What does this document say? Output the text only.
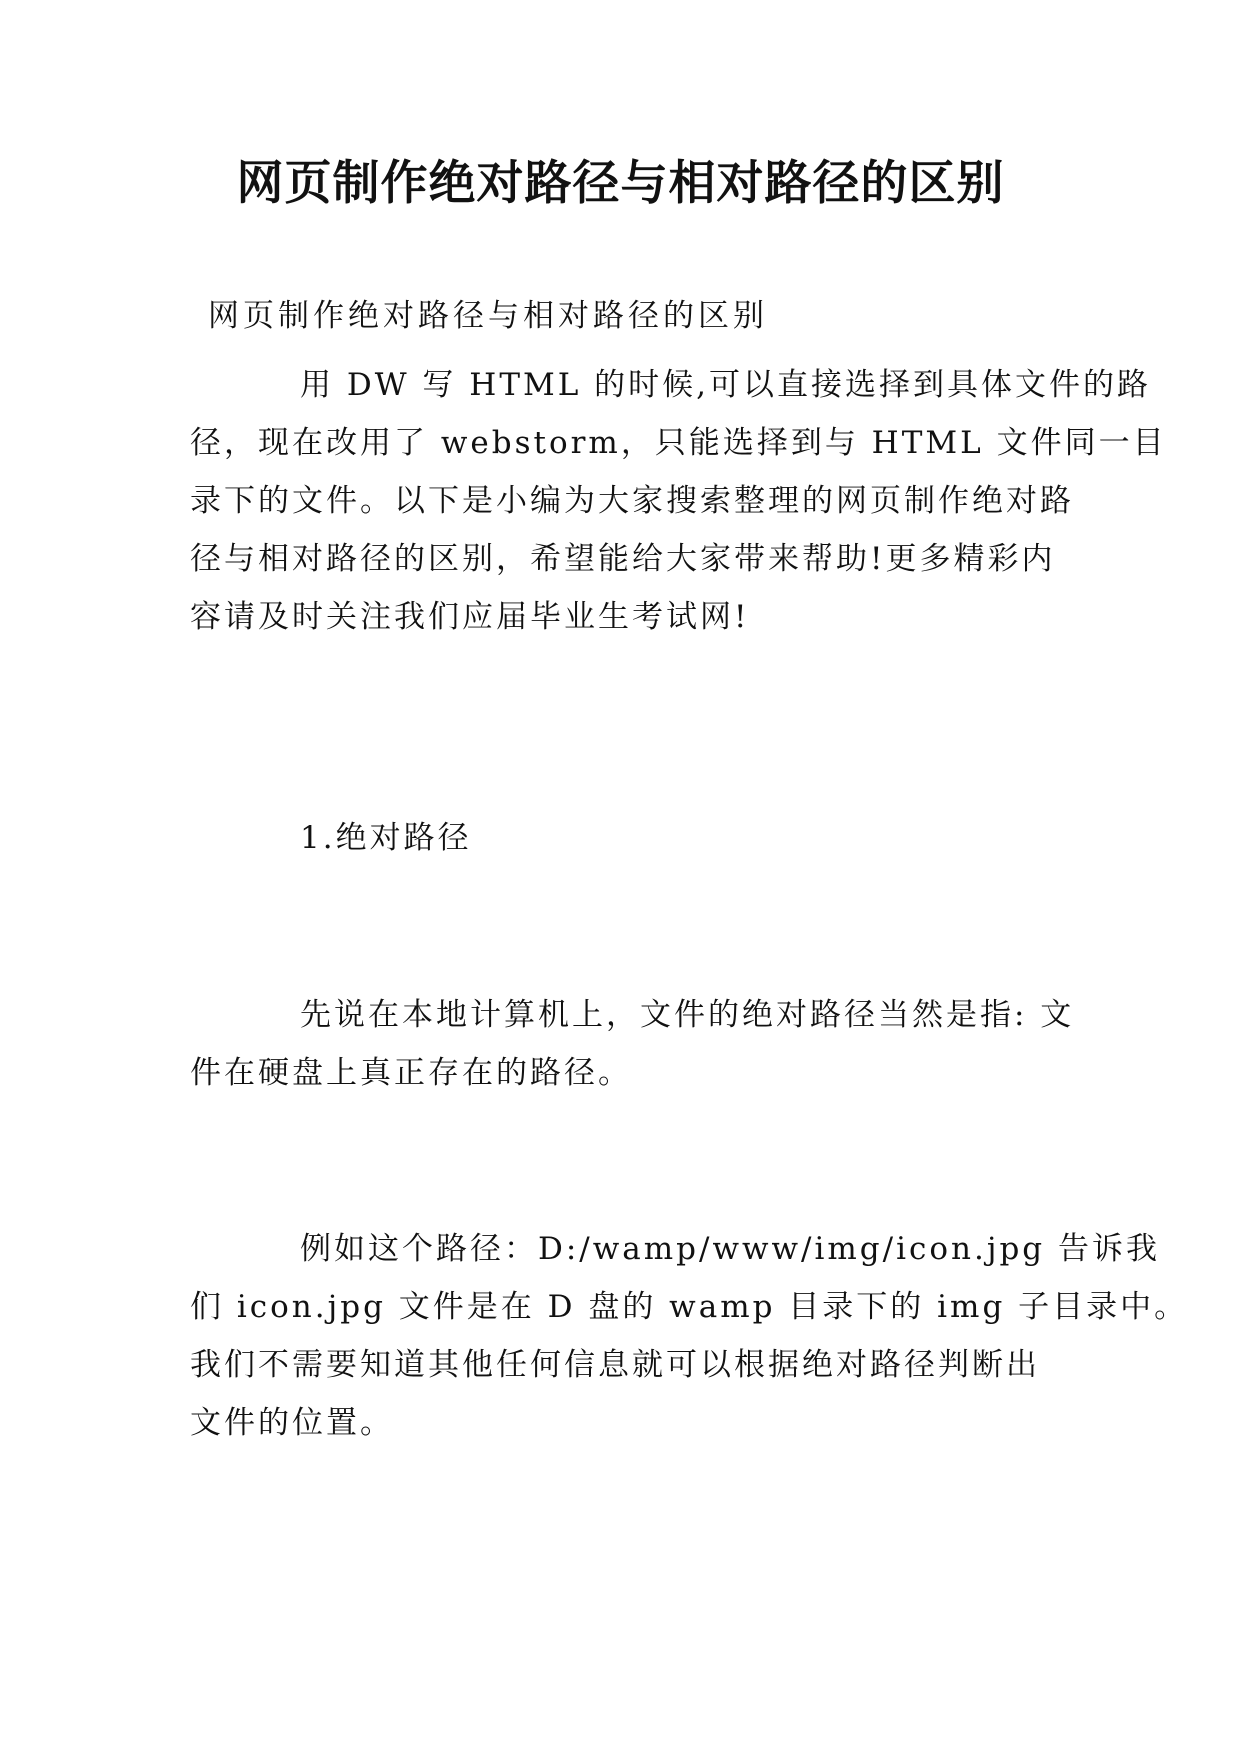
网页制作绝对路径与相对路径的区别

网页制作绝对路径与相对路径的区别

用 DW 写 HTML 的时候,可以直接选择到具体文件的路
径，现在改用了 webstorm，只能选择到与 HTML 文件同一目
录下的文件。以下是小编为大家搜索整理的网页制作绝对路
径与相对路径的区别，希望能给大家带来帮助!更多精彩内
容请及时关注我们应届毕业生考试网!

1.绝对路径

先说在本地计算机上，文件的绝对路径当然是指: 文
件在硬盘上真正存在的路径。

例如这个路径：D:/wamp/www/img/icon.jpg 告诉我
们 icon.jpg 文件是在 D 盘的 wamp 目录下的 img 子目录中。
我们不需要知道其他任何信息就可以根据绝对路径判断出
文件的位置。
